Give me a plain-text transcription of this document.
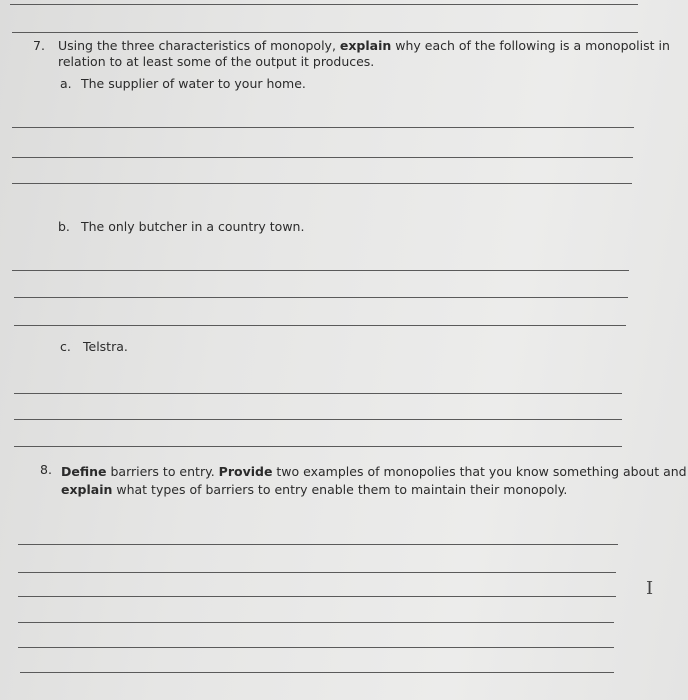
7. Using the three characteristics of monopoly, explain why each of the following is a monopolist in
relation to at least some of the output it produces.
a. The supplier of water to your home.
b. The only butcher in a country town.
c. Telstra.
8. Define barriers to entry. Provide two examples of monopolies that you know something about and
explain what types of barriers to entry enable them to maintain their monopoly.
I
